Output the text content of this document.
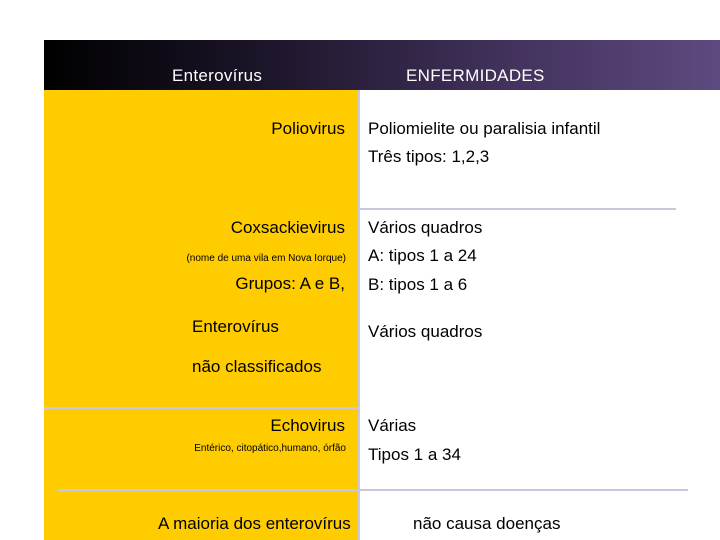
Enterovírus	ENFERMIDADES
Poliovirus Poliomielite ou paralisia infantil
Três tipos: 1,2,3
Coxsackievirus
(nome de uma vila em Nova Iorque)
Grupos: A e B,
Vários quadros
A: tipos 1 a 24
B: tipos 1 a 6
Enterovírus
não classificados
Vários quadros
Echovirus
Entérico, citopático,humano, órfão
Várias
Tipos 1 a 34
A maioria dos enterovírus	não causa doenças
